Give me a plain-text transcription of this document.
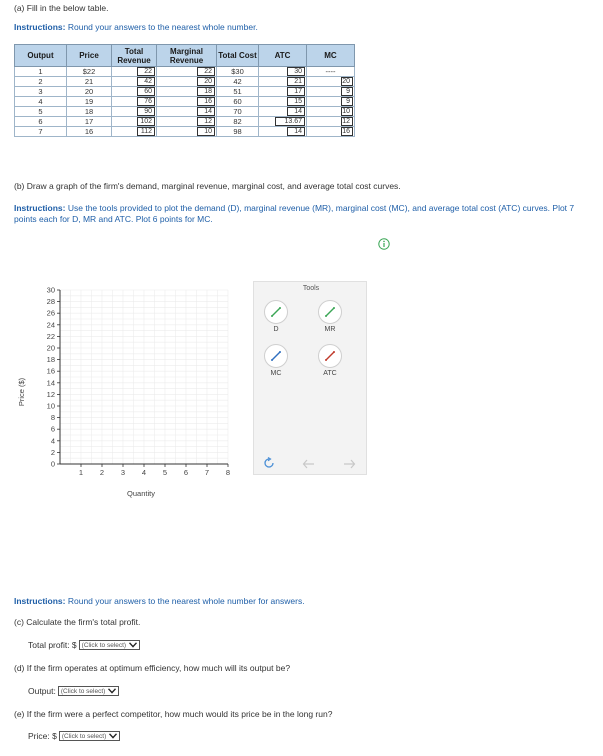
(a) Fill in the below table.
Instructions: Round your answers to the nearest whole number.
Output	Price	Total Revenue	Marginal Revenue	Total Cost	ATC	MC
1	$22	22	22	$30	30	----
2	21	42	20	42	21	20

3	20	60	18	51	17	9

4	19	76	16	60	15	9

5	18	90	14	70	14	10

6	17	102	12	82	13.67	12

7	16	112	10	98	14	16
(b) Draw a graph of the firm's demand, marginal revenue, marginal cost, and average total cost curves.
Instructions: Use the tools provided to plot the demand (D), marginal revenue (MR), marginal cost (MC), and average total cost (ATC) curves. Plot 7 points each for D, MR and ATC. Plot 6 points for MC.
0
2
4
6
8
10
12
14
16
18
20
22
24
26
28
30
1 2 3 4 5 6 7 8
Price ($)
Quantity
Tools
D	MR
MC	ATC
Instructions: Round your answers to the nearest whole number for answers.
(c) Calculate the firm's total profit.
Total profit: $ (Click to select)
(d) If the firm operates at optimum efficiency, how much will its output be?
Output: (Click to select)
(e) If the firm were a perfect competitor, how much would its price be in the long run?
Price: $ (Click to select)
